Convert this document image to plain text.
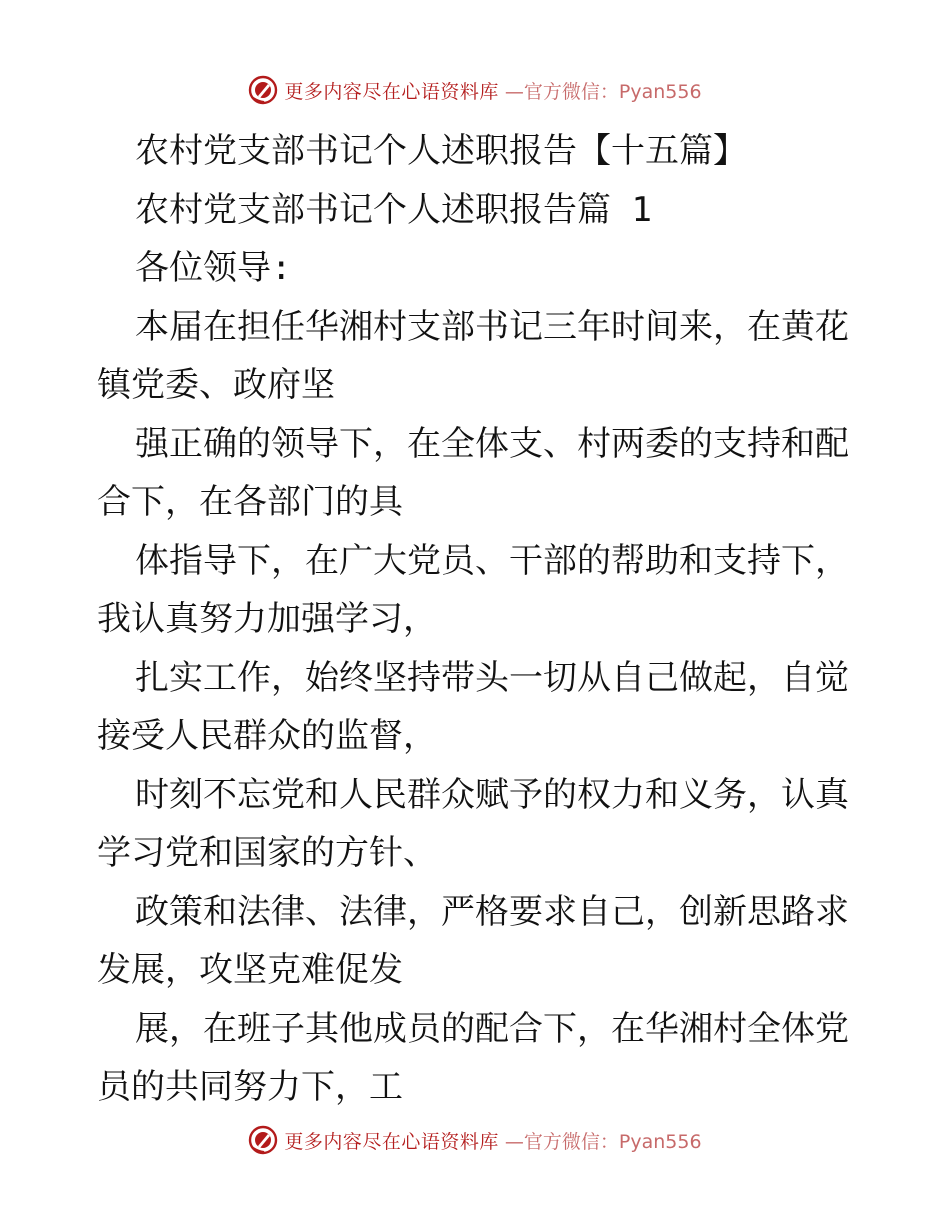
更多内容尽在心语资料库 —官方微信：Pyan556

农村党支部书记个人述职报告【十五篇】

农村党支部书记个人述职报告篇 1

各位领导:

本届在担任华湘村支部书记三年时间来，在黄花镇党委、政府坚

强正确的领导下，在全体支、村两委的支持和配合下，在各部门的具

体指导下，在广大党员、干部的帮助和支持下，我认真努力加强学习，

扎实工作，始终坚持带头一切从自己做起，自觉接受人民群众的监督，

时刻不忘党和人民群众赋予的权力和义务，认真学习党和国家的方针、

政策和法律、法律，严格要求自己，创新思路求发展，攻坚克难促发

展，在班子其他成员的配合下，在华湘村全体党员的共同努力下，工

更多内容尽在心语资料库 —官方微信：Pyan556
